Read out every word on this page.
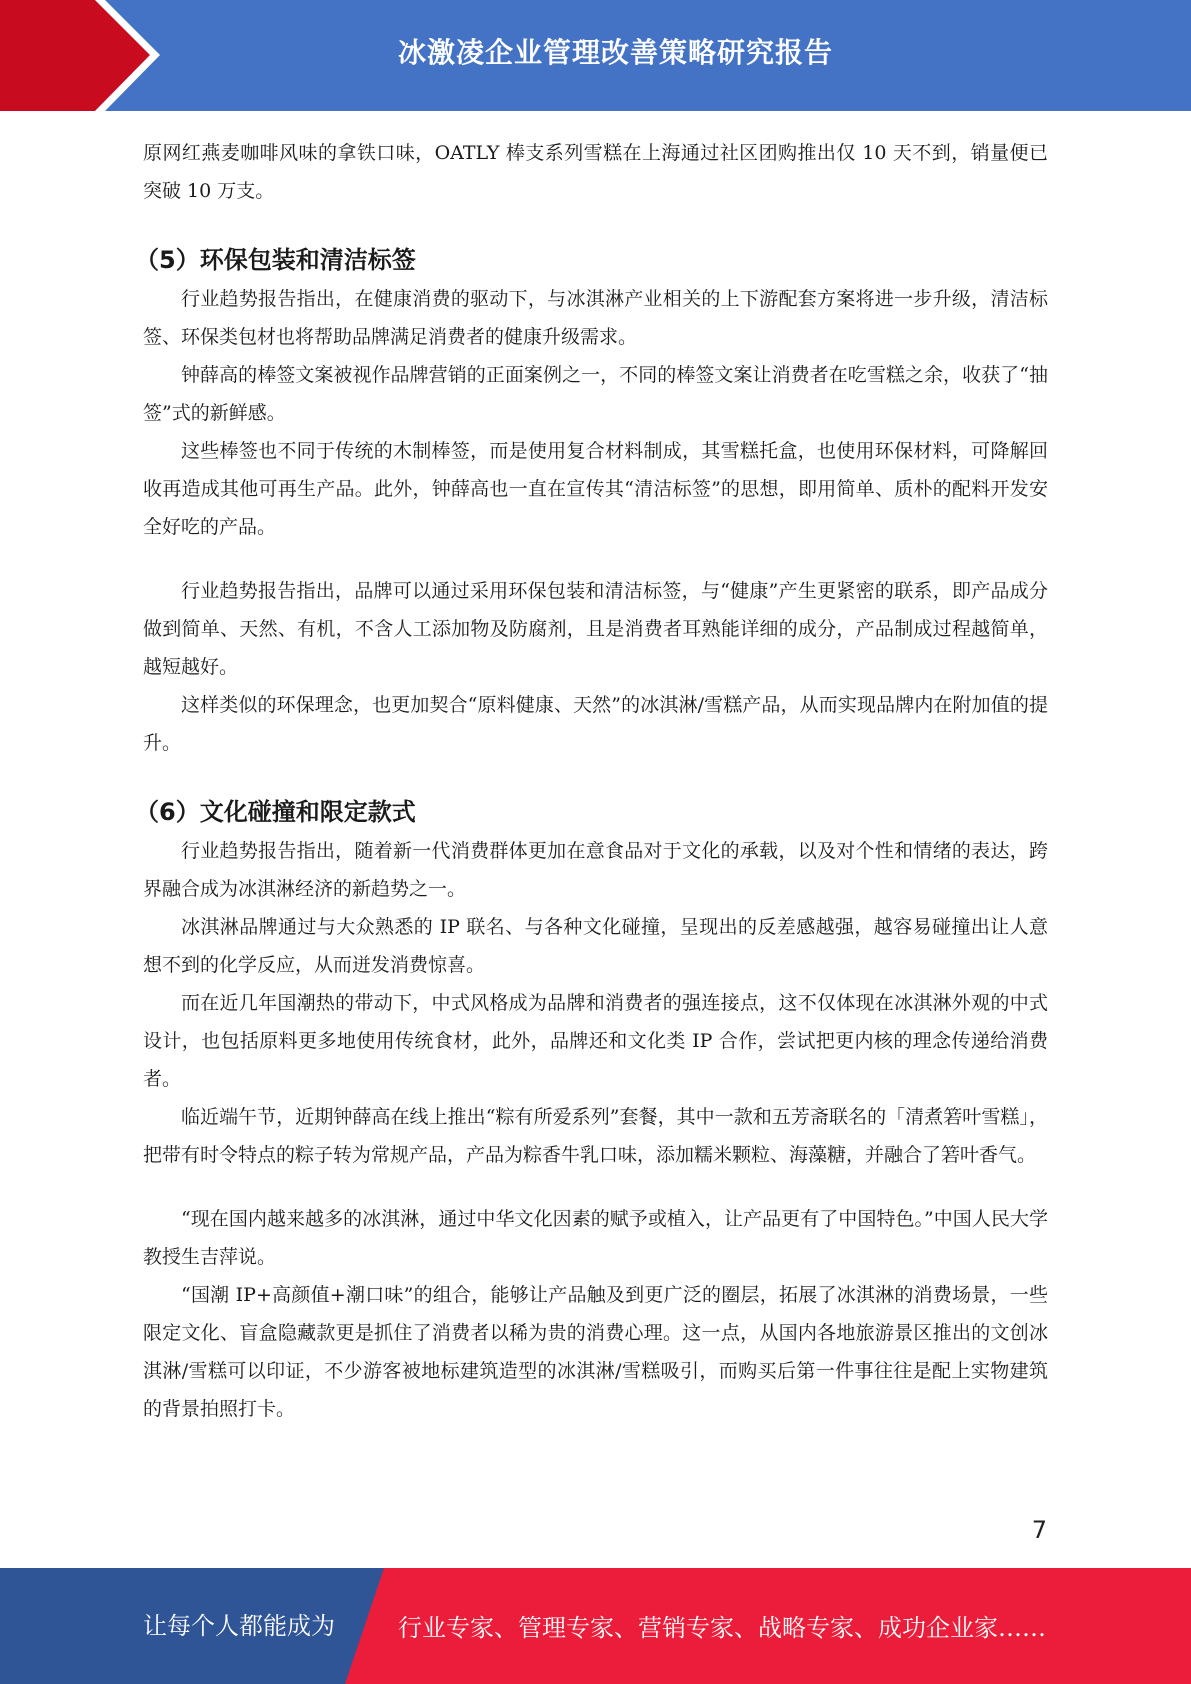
冰激凌企业管理改善策略研究报告

原网红燕麦咖啡风味的拿铁口味，OATLY 棒支系列雪糕在上海通过社区团购推出仅 10 天不到，销量便已突破 10 万支。

（5）环保包装和清洁标签

行业趋势报告指出，在健康消费的驱动下，与冰淇淋产业相关的上下游配套方案将进一步升级，清洁标签、环保类包材也将帮助品牌满足消费者的健康升级需求。

钟薛高的棒签文案被视作品牌营销的正面案例之一，不同的棒签文案让消费者在吃雪糕之余，收获了“抽签”式的新鲜感。

这些棒签也不同于传统的木制棒签，而是使用复合材料制成，其雪糕托盒，也使用环保材料，可降解回收再造成其他可再生产品。此外，钟薛高也一直在宣传其“清洁标签”的思想，即用简单、质朴的配料开发安全好吃的产品。

行业趋势报告指出，品牌可以通过采用环保包装和清洁标签，与“健康”产生更紧密的联系，即产品成分做到简单、天然、有机，不含人工添加物及防腐剂，且是消费者耳熟能详细的成分，产品制成过程越简单，越短越好。

这样类似的环保理念，也更加契合“原料健康、天然”的冰淇淋/雪糕产品，从而实现品牌内在附加值的提升。

（6）文化碰撞和限定款式

行业趋势报告指出，随着新一代消费群体更加在意食品对于文化的承载，以及对个性和情绪的表达，跨界融合成为冰淇淋经济的新趋势之一。

冰淇淋品牌通过与大众熟悉的 IP 联名、与各种文化碰撞，呈现出的反差感越强，越容易碰撞出让人意想不到的化学反应，从而迸发消费惊喜。

而在近几年国潮热的带动下，中式风格成为品牌和消费者的强连接点，这不仅体现在冰淇淋外观的中式设计，也包括原料更多地使用传统食材，此外，品牌还和文化类 IP 合作，尝试把更内核的理念传递给消费者。

临近端午节，近期钟薛高在线上推出“粽有所爱系列”套餐，其中一款和五芳斋联名的「清煮箬叶雪糕」，把带有时令特点的粽子转为常规产品，产品为粽香牛乳口味，添加糯米颗粒、海藻糖，并融合了箬叶香气。

“现在国内越来越多的冰淇淋，通过中华文化因素的赋予或植入，让产品更有了中国特色。”中国人民大学教授生吉萍说。

“国潮 IP+高颜值+潮口味”的组合，能够让产品触及到更广泛的圈层，拓展了冰淇淋的消费场景，一些限定文化、盲盒隐藏款更是抓住了消费者以稀为贵的消费心理。这一点，从国内各地旅游景区推出的文创冰淇淋/雪糕可以印证，不少游客被地标建筑造型的冰淇淋/雪糕吸引，而购买后第一件事往往是配上实物建筑的背景拍照打卡。

7
让每个人都能成为	行业专家、管理专家、营销专家、战略专家、成功企业家……
